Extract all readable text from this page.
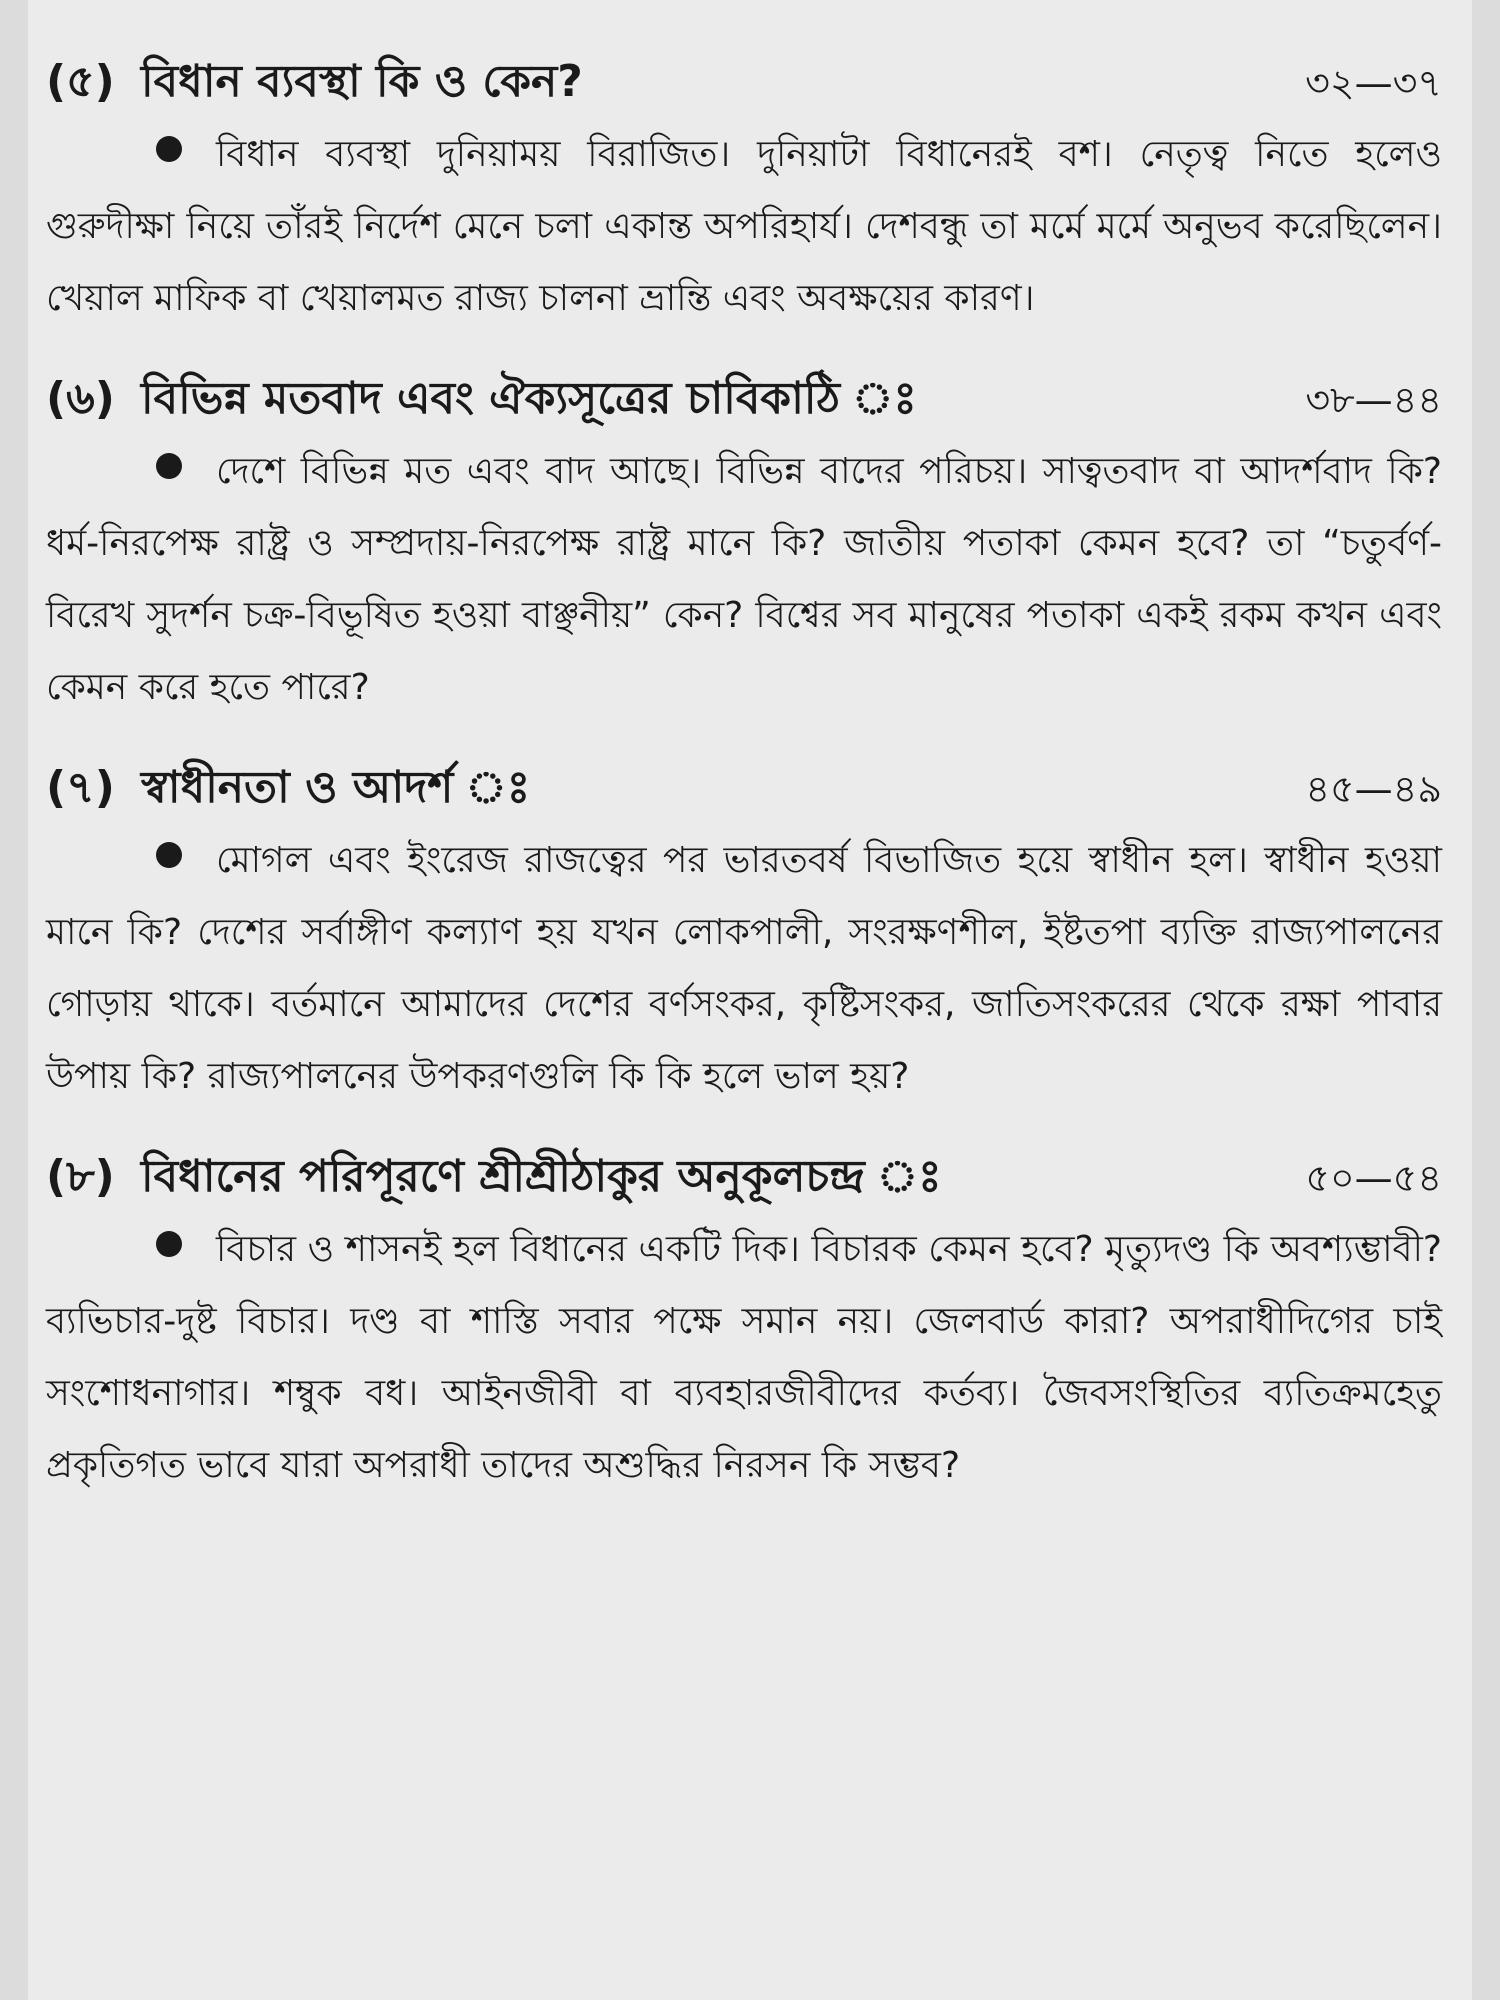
(৫) বিধান ব্যবস্থা কি ও কেন?	৩২—৩৭

বিধান ব্যবস্থা দুনিয়াময় বিরাজিত। দুনিয়াটা বিধানেরই বশ। নেতৃত্ব নিতে হলেও গুরুদীক্ষা নিয়ে তাঁরই নির্দেশ মেনে চলা একান্ত অপরিহার্য। দেশবন্ধু তা মর্মে মর্মে অনুভব করেছিলেন। খেয়াল মাফিক বা খেয়ালমত রাজ্য চালনা ভ্রান্তি এবং অবক্ষয়ের কারণ।

(৬) বিভিন্ন মতবাদ এবং ঐক্যসূত্রের চাবিকাঠি ঃ	৩৮—৪৪

দেশে বিভিন্ন মত এবং বাদ আছে। বিভিন্ন বাদের পরিচয়। সাত্বতবাদ বা আদর্শবাদ কি? ধর্ম-নিরপেক্ষ রাষ্ট্র ও সম্প্রদায়-নিরপেক্ষ রাষ্ট্র মানে কি? জাতীয় পতাকা কেমন হবে? তা “চতুর্বর্ণ-বিরেখ সুদর্শন চক্র-বিভূষিত হওয়া বাঞ্ছনীয়” কেন? বিশ্বের সব মানুষের পতাকা একই রকম কখন এবং কেমন করে হতে পারে?

(৭) স্বাধীনতা ও আদর্শ ঃ	৪৫—৪৯

মোগল এবং ইংরেজ রাজত্বের পর ভারতবর্ষ বিভাজিত হয়ে স্বাধীন হল। স্বাধীন হওয়া মানে কি? দেশের সর্বাঙ্গীণ কল্যাণ হয় যখন লোকপালী, সংরক্ষণশীল, ইষ্টতপা ব্যক্তি রাজ্যপালনের গোড়ায় থাকে। বর্তমানে আমাদের দেশের বর্ণসংকর, কৃষ্টিসংকর, জাতিসংকরের থেকে রক্ষা পাবার উপায় কি? রাজ্যপালনের উপকরণগুলি কি কি হলে ভাল হয়?

(৮) বিধানের পরিপূরণে শ্রীশ্রীঠাকুর অনুকূলচন্দ্র ঃ	৫০—৫৪

বিচার ও শাসনই হল বিধানের একটি দিক। বিচারক কেমন হবে? মৃত্যুদণ্ড কি অবশ্যম্ভাবী? ব্যভিচার-দুষ্ট বিচার। দণ্ড বা শাস্তি সবার পক্ষে সমান নয়। জেলবার্ড কারা? অপরাধীদিগের চাই সংশোধনাগার। শম্বুক বধ। আইনজীবী বা ব্যবহারজীবীদের কর্তব্য। জৈবসংস্থিতির ব্যতিক্রমহেতু প্রকৃতিগত ভাবে যারা অপরাধী তাদের অশুদ্ধির নিরসন কি সম্ভব?
